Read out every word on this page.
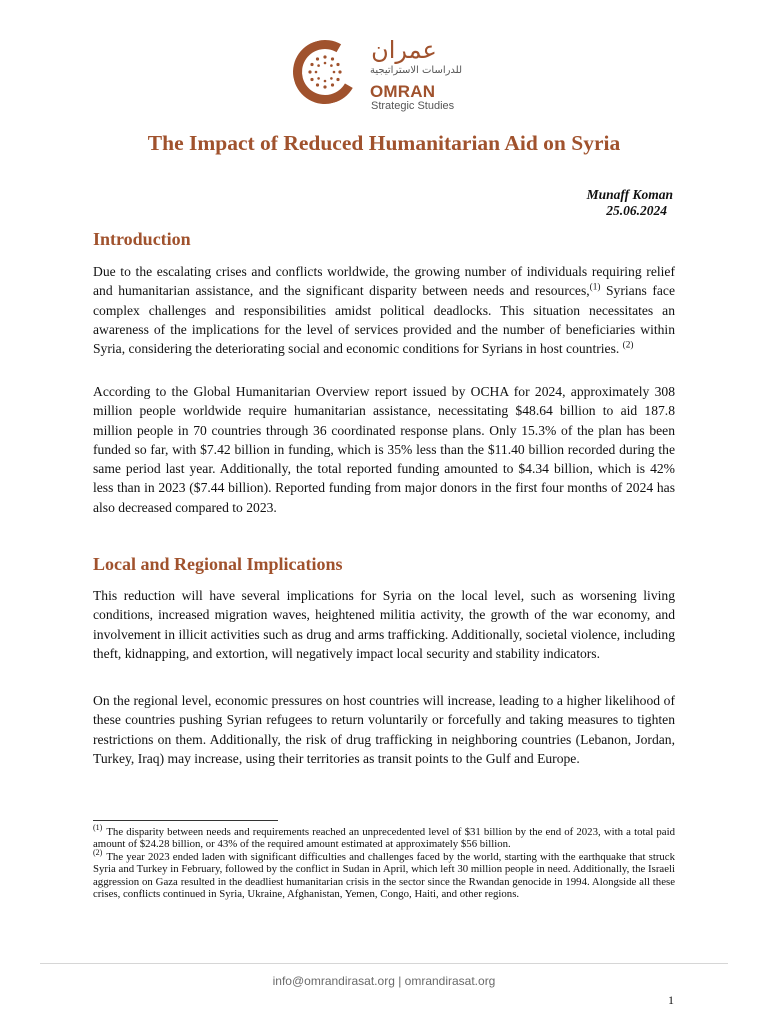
عمران
للدراسات الاستراتيجية
OMRAN
Strategic Studies
The Impact of Reduced Humanitarian Aid on Syria
Munaff Koman
25.06.2024
Introduction

Due to the escalating crises and conflicts worldwide, the growing number of individuals requiring relief and humanitarian assistance, and the significant disparity between needs and resources,$^{(1)}$ Syrians face complex challenges and responsibilities amidst political deadlocks. This situation necessitates an awareness of the implications for the level of services provided and the number of beneficiaries within Syria, considering the deteriorating social and economic conditions for Syrians in host countries. $^{(2)}$

According to the Global Humanitarian Overview report issued by OCHA for 2024, approximately 308 million people worldwide require humanitarian assistance, necessitating $48.64 billion to aid 187.8 million people in 70 countries through 36 coordinated response plans. Only 15.3% of the plan has been funded so far, with $7.42 billion in funding, which is 35% less than the $11.40 billion recorded during the same period last year. Additionally, the total reported funding amounted to $4.34 billion, which is 42% less than in 2023 ($7.44 billion). Reported funding from major donors in the first four months of 2024 has also decreased compared to 2023.

Local and Regional Implications

This reduction will have several implications for Syria on the local level, such as worsening living conditions, increased migration waves, heightened militia activity, the growth of the war economy, and involvement in illicit activities such as drug and arms trafficking. Additionally, societal violence, including theft, kidnapping, and extortion, will negatively impact local security and stability indicators.

On the regional level, economic pressures on host countries will increase, leading to a higher likelihood of these countries pushing Syrian refugees to return voluntarily or forcefully and taking measures to tighten restrictions on them. Additionally, the risk of drug trafficking in neighboring countries (Lebanon, Jordan, Turkey, Iraq) may increase, using their territories as transit points to the Gulf and Europe.

$^{(1)}$ The disparity between needs and requirements reached an unprecedented level of $31 billion by the end of 2023, with a total paid amount of $24.28 billion, or 43% of the required amount estimated at approximately $56 billion.

$^{(2)}$ The year 2023 ended laden with significant difficulties and challenges faced by the world, starting with the earthquake that struck Syria and Turkey in February, followed by the conflict in Sudan in April, which left 30 million people in need. Additionally, the Israeli aggression on Gaza resulted in the deadliest humanitarian crisis in the sector since the Rwandan genocide in 1994. Alongside all these crises, conflicts continued in Syria, Ukraine, Afghanistan, Yemen, Congo, Haiti, and other regions.

info@omrandirasat.org | omrandirasat.org
1
